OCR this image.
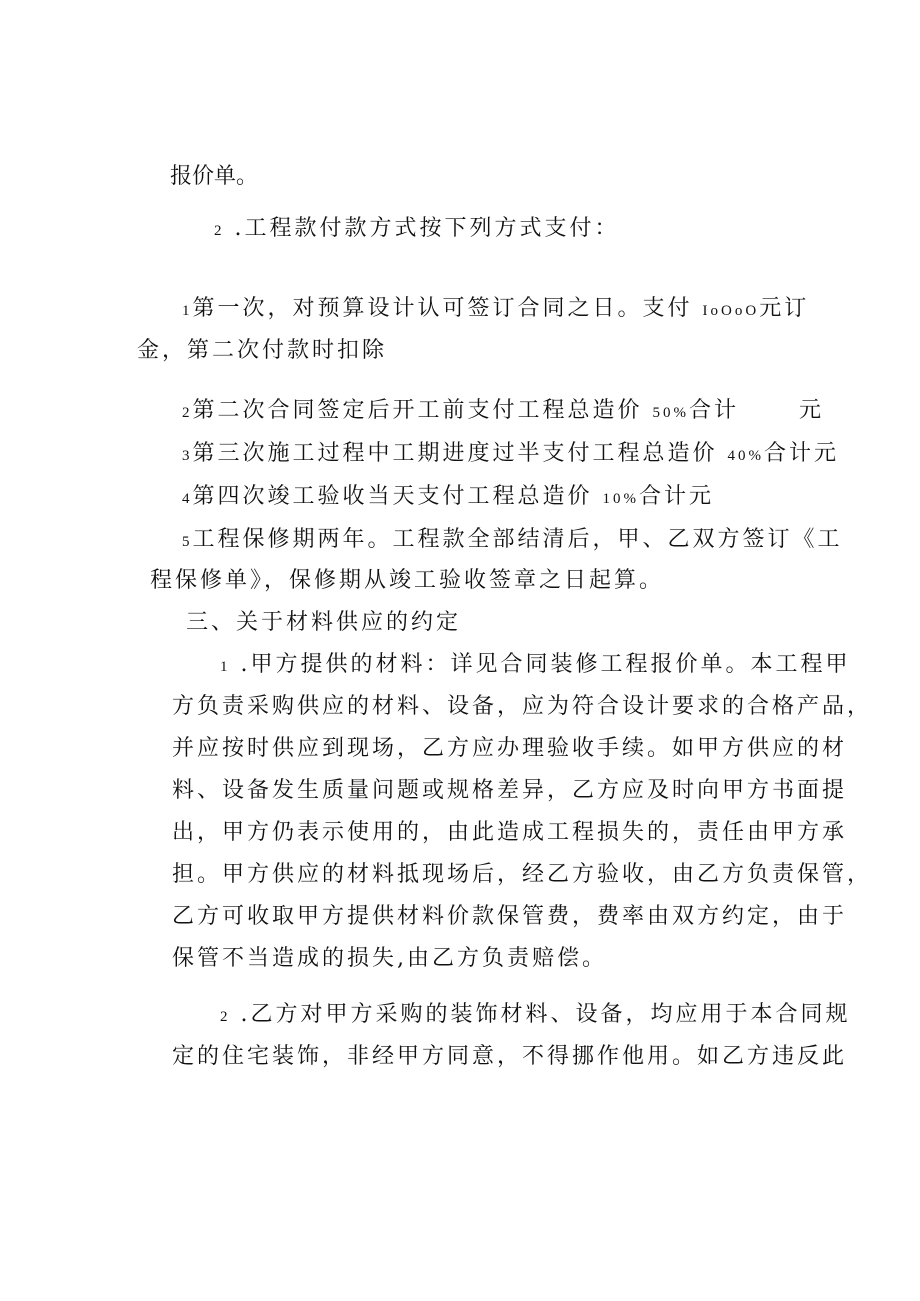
报价单。
2 .工程款付款方式按下列方式支付：
1第一次，对预算设计认可签订合同之日。支付 IoOoO元订
金，第二次付款时扣除
2第二次合同签定后开工前支付工程总造价 50%合计	元
3第三次施工过程中工期进度过半支付工程总造价 40%合计元
4第四次竣工验收当天支付工程总造价 10%合计元
5工程保修期两年。工程款全部结清后，甲、乙双方签订《工
程保修单》，保修期从竣工验收签章之日起算。
三、关于材料供应的约定
1 .甲方提供的材料：详见合同装修工程报价单。本工程甲
方负责采购供应的材料、设备，应为符合设计要求的合格产品，
并应按时供应到现场，乙方应办理验收手续。如甲方供应的材
料、设备发生质量问题或规格差异，乙方应及时向甲方书面提
出，甲方仍表示使用的，由此造成工程损失的，责任由甲方承
担。甲方供应的材料抵现场后，经乙方验收，由乙方负责保管，
乙方可收取甲方提供材料价款保管费，费率由双方约定，由于
保管不当造成的损失,由乙方负责赔偿。
2 .乙方对甲方采购的装饰材料、设备，均应用于本合同规
定的住宅装饰，非经甲方同意，不得挪作他用。如乙方违反此
